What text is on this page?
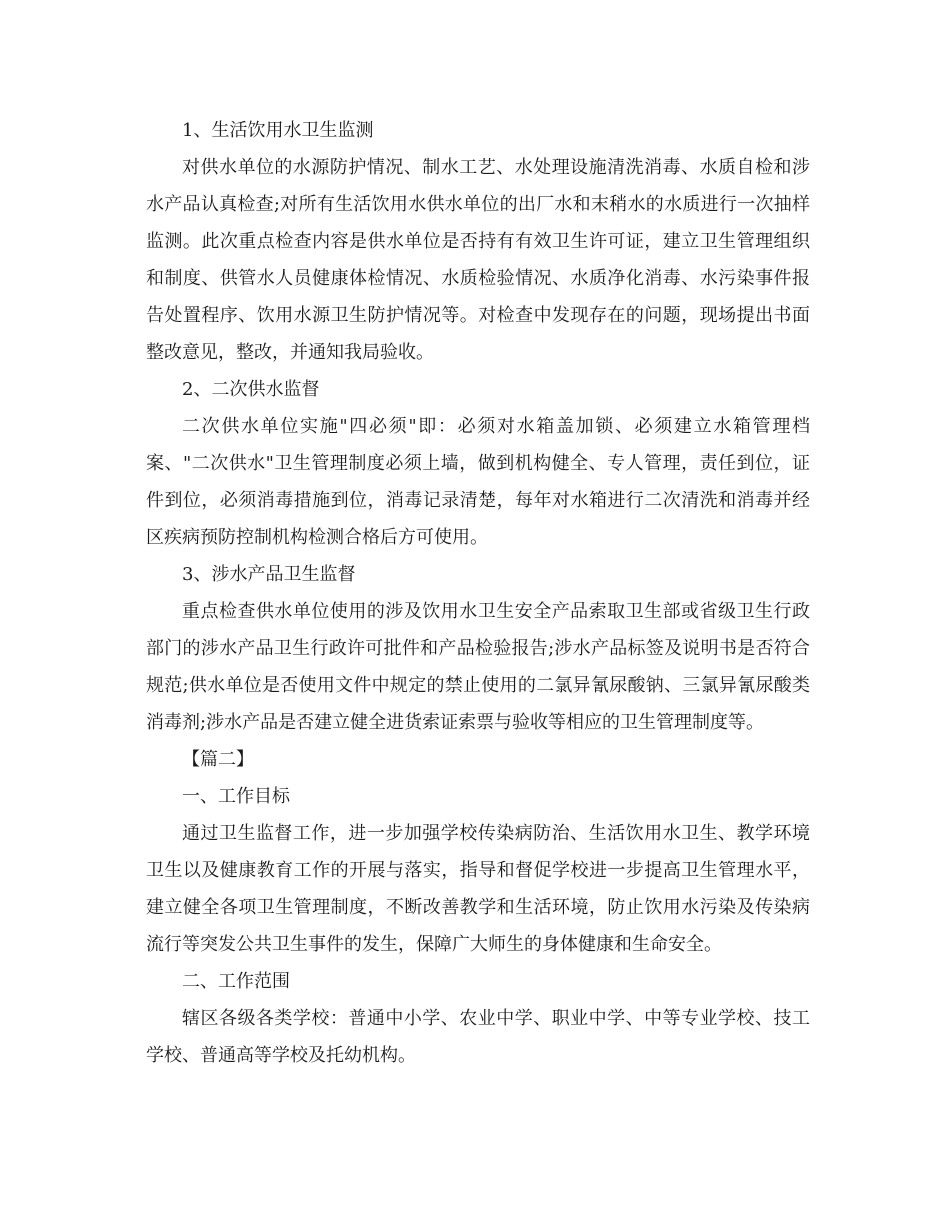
1、生活饮用水卫生监测

对供水单位的水源防护情况、制水工艺、水处理设施清洗消毒、水质自检和涉水产品认真检查;对所有生活饮用水供水单位的出厂水和末稍水的水质进行一次抽样监测。此次重点检查内容是供水单位是否持有有效卫生许可证，建立卫生管理组织和制度、供管水人员健康体检情况、水质检验情况、水质净化消毒、水污染事件报告处置程序、饮用水源卫生防护情况等。对检查中发现存在的问题，现场提出书面整改意见，整改，并通知我局验收。

2、二次供水监督

二次供水单位实施"四必须"即：必须对水箱盖加锁、必须建立水箱管理档案、"二次供水"卫生管理制度必须上墙，做到机构健全、专人管理，责任到位，证件到位，必须消毒措施到位，消毒记录清楚，每年对水箱进行二次清洗和消毒并经区疾病预防控制机构检测合格后方可使用。

3、涉水产品卫生监督

重点检查供水单位使用的涉及饮用水卫生安全产品索取卫生部或省级卫生行政部门的涉水产品卫生行政许可批件和产品检验报告;涉水产品标签及说明书是否符合规范;供水单位是否使用文件中规定的禁止使用的二氯异氰尿酸钠、三氯异氰尿酸类消毒剂;涉水产品是否建立健全进货索证索票与验收等相应的卫生管理制度等。

【篇二】

一、工作目标

通过卫生监督工作，进一步加强学校传染病防治、生活饮用水卫生、教学环境卫生以及健康教育工作的开展与落实，指导和督促学校进一步提高卫生管理水平，建立健全各项卫生管理制度，不断改善教学和生活环境，防止饮用水污染及传染病流行等突发公共卫生事件的发生，保障广大师生的身体健康和生命安全。

二、工作范围

辖区各级各类学校：普通中小学、农业中学、职业中学、中等专业学校、技工学校、普通高等学校及托幼机构。
